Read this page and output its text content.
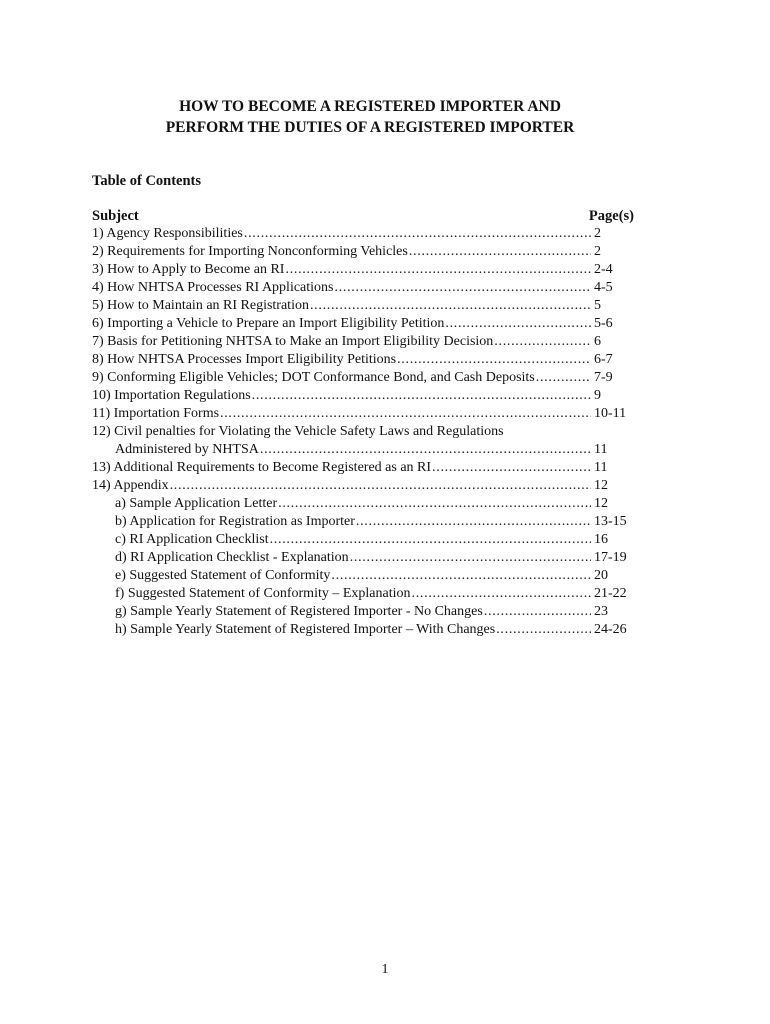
HOW TO BECOME A REGISTERED IMPORTER AND
PERFORM THE DUTIES OF A REGISTERED IMPORTER
Table of Contents
Subject	Page(s)
1) Agency Responsibilities . . .	2
2) Requirements for Importing Nonconforming Vehicles . . .	2
3) How to Apply to Become an RI . . .	2-4
4) How NHTSA Processes RI Applications . . .	4-5
5) How to Maintain an RI Registration . . .	5
6) Importing a Vehicle to Prepare an Import Eligibility Petition . . .	5-6
7) Basis for Petitioning NHTSA to Make an Import Eligibility Decision . . .	6
8) How NHTSA Processes Import Eligibility Petitions . . .	6-7
9) Conforming Eligible Vehicles; DOT Conformance Bond, and Cash Deposits . . .	7-9
10) Importation Regulations . . .	9
11) Importation Forms . . .	10-11
12) Civil penalties for Violating the Vehicle Safety Laws and Regulations
Administered by NHTSA . . .	11
13) Additional Requirements to Become Registered as an RI . . .	11
14) Appendix . . .	12
a) Sample Application Letter . . .	12
b) Application for Registration as Importer . . .	13-15
c) RI Application Checklist . . .	16
d) RI Application Checklist - Explanation . . .	17-19
e) Suggested Statement of Conformity . . .	20
f) Suggested Statement of Conformity – Explanation . . .	21-22
g) Sample Yearly Statement of Registered Importer - No Changes . . .	23
h) Sample Yearly Statement of Registered Importer – With Changes . . .	24-26
1
